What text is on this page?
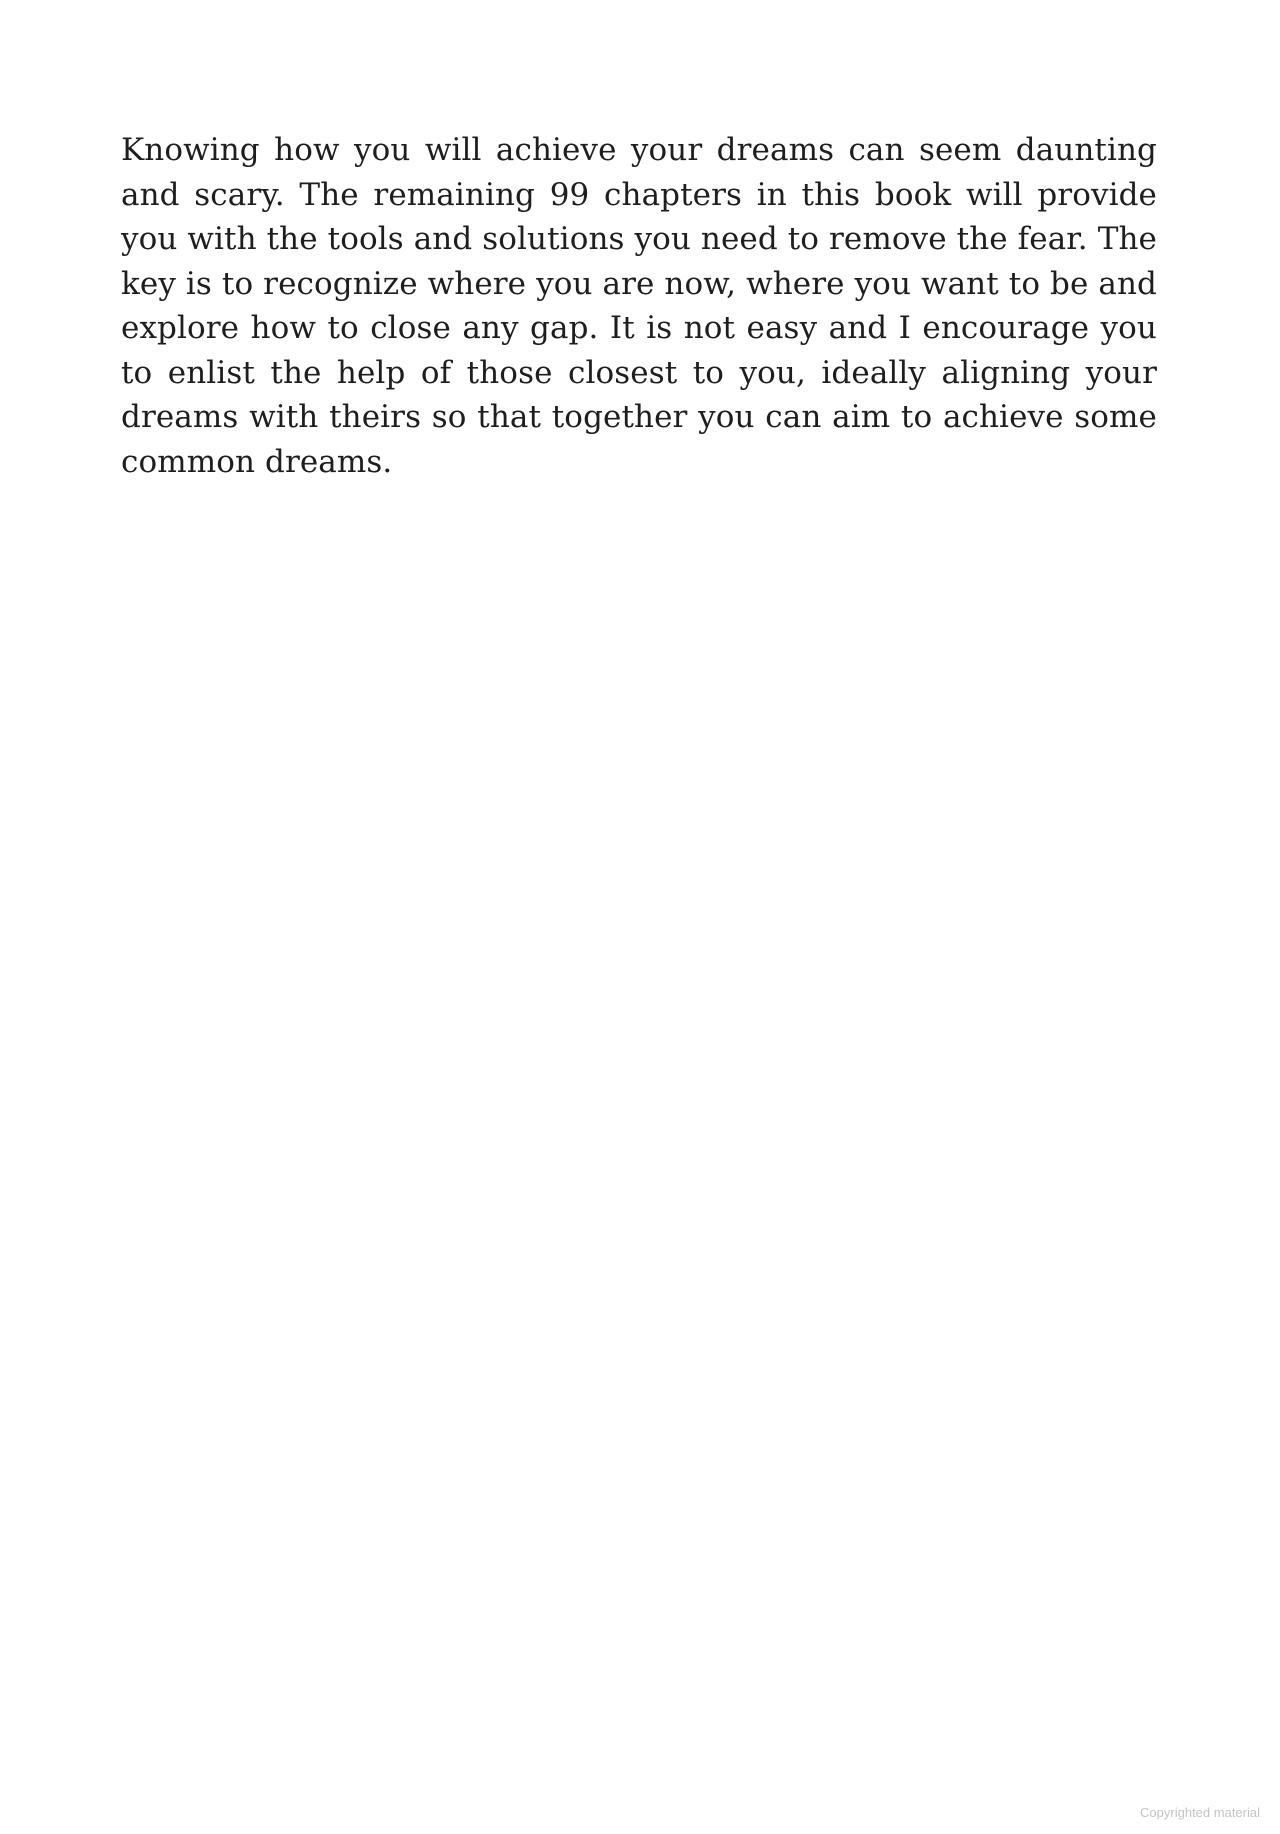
Knowing how you will achieve your dreams can seem daunting and scary. The remaining 99 chapters in this book will provide you with the tools and solutions you need to remove the fear. The key is to recognize where you are now, where you want to be and explore how to close any gap. It is not easy and I encourage you to enlist the help of those closest to you, ideally aligning your dreams with theirs so that together you can aim to achieve some common dreams.

Copyrighted material
